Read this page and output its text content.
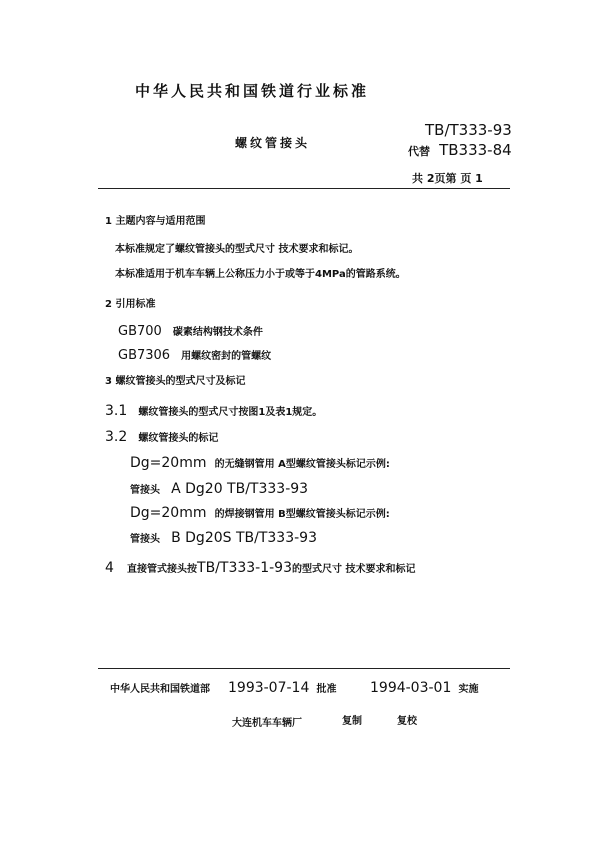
中华人民共和国铁道行业标准
螺纹管接头
TB/T333-93
代替 TB333-84
共 2页第 页 1
1 主题内容与适用范围
本标准规定了螺纹管接头的型式尺寸 技术要求和标记。
本标准适用于机车车辆上公称压力小于或等于4MPa的管路系统。
2 引用标准
GB700 碳素结构钢技术条件
GB7306 用螺纹密封的管螺纹
3 螺纹管接头的型式尺寸及标记
3.1 螺纹管接头的型式尺寸按图1及表1规定。
3.2 螺纹管接头的标记
Dg=20mm 的无缝钢管用 A型螺纹管接头标记示例:
管接头 A Dg20 TB/T333-93
Dg=20mm 的焊接钢管用 B型螺纹管接头标记示例:
管接头 B Dg20S TB/T333-93
4 直接管式接头按TB/T333-1-93的型式尺寸 技术要求和标记
中华人民共和国铁道部 1993-07-14 批准 1994-03-01 实施
大连机车车辆厂	复制	复校
